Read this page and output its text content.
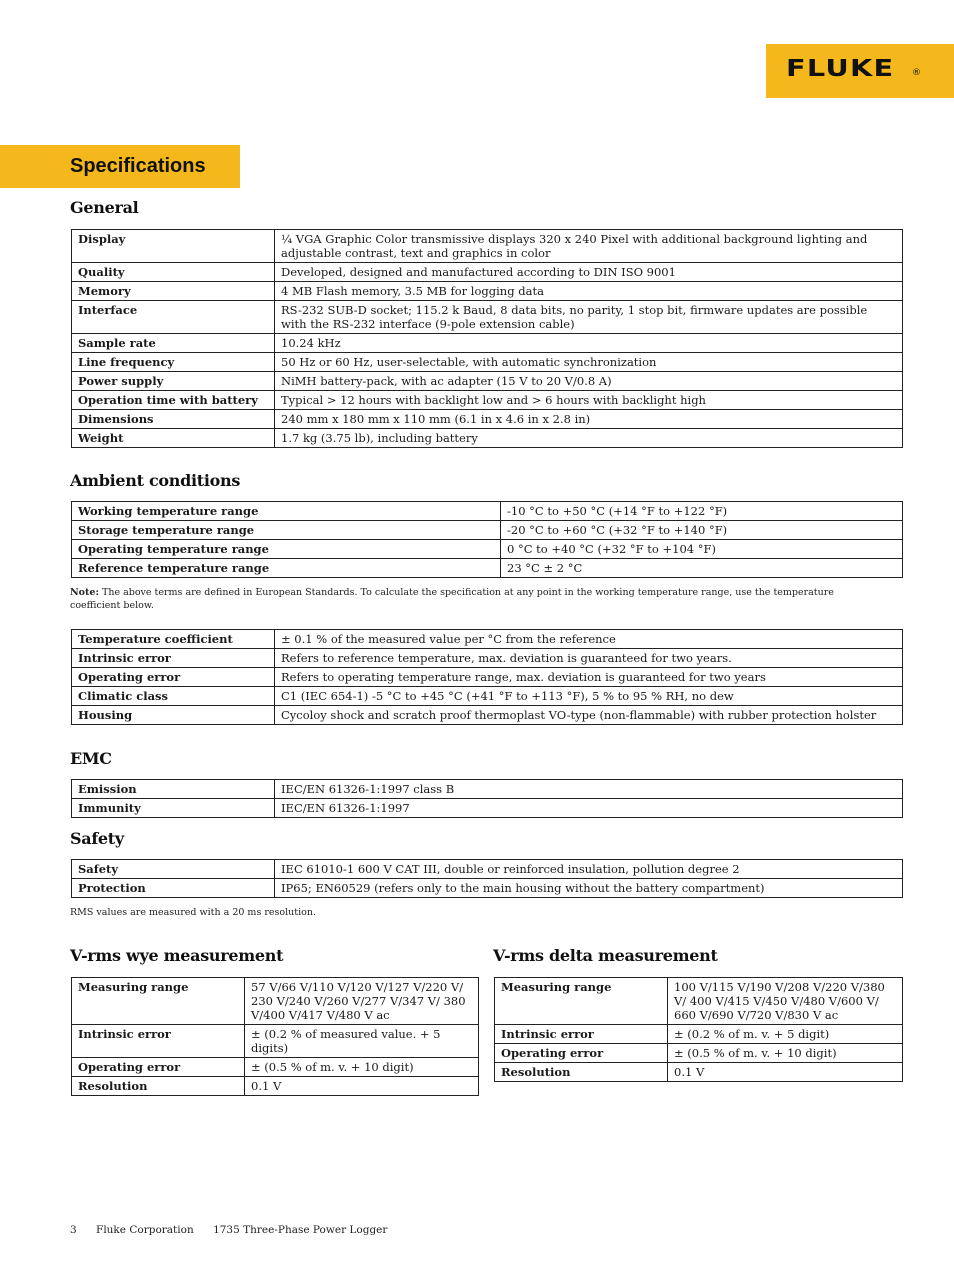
FLUKE ®
Specifications
General
Display	¼ VGA Graphic Color transmissive displays 320 x 240 Pixel with additional background lighting and adjustable contrast, text and graphics in color
Quality	Developed, designed and manufactured according to DIN ISO 9001
Memory	4 MB Flash memory, 3.5 MB for logging data
Interface	RS-232 SUB-D socket; 115.2 k Baud, 8 data bits, no parity, 1 stop bit, firmware updates are possible with the RS-232 interface (9-pole extension cable)
Sample rate	10.24 kHz
Line frequency	50 Hz or 60 Hz, user-selectable, with automatic synchronization
Power supply	NiMH battery-pack, with ac adapter (15 V to 20 V/0.8 A)
Operation time with battery	Typical > 12 hours with backlight low and > 6 hours with backlight high
Dimensions	240 mm x 180 mm x 110 mm (6.1 in x 4.6 in x 2.8 in)
Weight	1.7 kg (3.75 lb), including battery
Ambient conditions
Working temperature range	-10 °C to +50 °C (+14 °F to +122 °F)
Storage temperature range	-20 °C to +60 °C (+32 °F to +140 °F)
Operating temperature range	0 °C to +40 °C (+32 °F to +104 °F)
Reference temperature range	23 °C ± 2 °C
Note: The above terms are defined in European Standards. To calculate the specification at any point in the working temperature range, use the temperature coefficient below.
Temperature coefficient	± 0.1 % of the measured value per °C from the reference
Intrinsic error	Refers to reference temperature, max. deviation is guaranteed for two years.
Operating error	Refers to operating temperature range, max. deviation is guaranteed for two years
Climatic class	C1 (IEC 654-1) -5 °C to +45 °C (+41 °F to +113 °F), 5 % to 95 % RH, no dew
Housing	Cycoloy shock and scratch proof thermoplast VO-type (non-flammable) with rubber protection holster
EMC
Emission	IEC/EN 61326-1:1997 class B
Immunity	IEC/EN 61326-1:1997
Safety
Safety	IEC 61010-1 600 V CAT III, double or reinforced insulation, pollution degree 2
Protection	IP65; EN60529 (refers only to the main housing without the battery compartment)
RMS values are measured with a 20 ms resolution.
V-rms wye measurement
Measuring range	57 V/66 V/110 V/120 V/127 V/220 V/ 230 V/240 V/260 V/277 V/347 V/ 380 V/400 V/417 V/480 V ac
Intrinsic error	± (0.2 % of measured value. + 5 digits)
Operating error	± (0.5 % of m. v. + 10 digit)
Resolution	0.1 V
V-rms delta measurement
Measuring range	100 V/115 V/190 V/208 V/220 V/380 V/ 400 V/415 V/450 V/480 V/600 V/ 660 V/690 V/720 V/830 V ac
Intrinsic error	± (0.2 % of m. v. + 5 digit)
Operating error	± (0.5 % of m. v. + 10 digit)
Resolution	0.1 V
3 Fluke Corporation 1735 Three-Phase Power Logger
